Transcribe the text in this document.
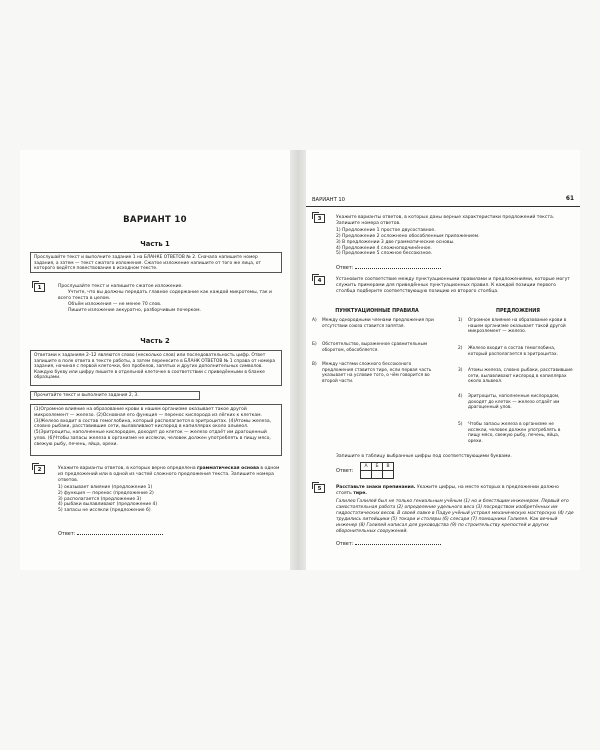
ВАРИАНТ 10
Часть 1
Прослушайте текст и выполните задание 1 на БЛАНКЕ ОТВЕТОВ № 2. Сначала напишите номер задания, а затем — текст сжатого изложения. Сжатое изложение напишите от того же лица, от которого ведётся повествование в исходном тексте.
1	Прослушайте текст и напишите сжатое изложение.

Учтите, что вы должны передать главное содержание как каждой микротемы, так и всего текста в целом.

Объём изложения — не менее 70 слов.

Пишите изложение аккуратно, разборчивым почерком.

Часть 2
Ответами к заданиям 2–12 являются слово (несколько слов) или последовательность цифр. Ответ запишите в поле ответа в тексте работы, а затем перенесите в БЛАНК ОТВЕТОВ № 1 справа от номера задания, начиная с первой клеточки, без пробелов, запятых и других дополнительных символов. Каждую букву или цифру пишите в отдельной клеточке в соответствии с приведёнными в бланке образцами.
Прочитайте текст и выполните задания 2, 3.
(1)Огромное влияние на образование крови в нашем организме оказывает такое другой микроэлемент — железо. (2)Основная его функция — перенос кислорода из лёгких к клеткам. (3)Железо входит в состав гемоглобина, который располагается в эритроцитах. (4)Атомы железа, словно рыбаки, расставившие сети, вылавливают кислород в капиллярах около альвеол. (5)Эритроциты, наполненные кислородом, доходят до клеток — железо отдаёт им драгоценный улов. (6)Чтобы запасы железа в организме не иссякли, человек должен употреблять в пищу мясо, свежую рыбу, печень, яйца, орехи.
2	Укажите варианты ответов, в которых верно определена грамматическая основа в одном из предложений или в одной из частей сложного предложения текста. Запишите номера ответов.

1) оказывает влияние (предложение 1)
2) функция — перенос (предложение 2)
3) располагается (предложение 3)
4) рыбаки вылавливают (предложение 4)
5) запасы не иссякли (предложение 6)
Ответ:
ВАРИАНТ 10	61
3	Укажите варианты ответов, в которых даны верные характеристики предложений текста. Запишите номера ответов.

1) Предложение 1 простое двусоставное.
2) Предложение 2 осложнено обособленным приложением.
3) В предложении 3 две грамматические основы.
4) Предложение 4 сложноподчинённое.
5) Предложение 5 сложное бессоюзное.
Ответ:
4	Установите соответствие между пунктуационными правилами и предложениями, которые могут служить примерами для приведённых пунктуационных правил. К каждой позиции первого столбца подберите соответствующую позицию из второго столбца.
ПУНКТУАЦИОННЫЕ ПРАВИЛА	ПРЕДЛОЖЕНИЯ
А) Между однородными членами предложения при отсутствии союза ставится запятая.
Б) Обстоятельство, выраженное сравнительным оборотом, обособляется.
В) Между частями сложного бессоюзного предложения ставится тире, если первая часть указывает на условие того, о чём говорится во второй части.
1) Огромное влияние на образование крови в нашем организме оказывает такой другой микроэлемент — железо.
2) Железо входит в состав гемоглобина, который располагается в эритроцитах.
3) Атомы железа, словно рыбаки, расставившие сети, вылавливают кислород в капиллярах около альвеол.
4) Эритроциты, наполненные кислородом, доходят до клеток — железо отдаёт им драгоценный улов.
5) Чтобы запасы железа в организме не иссякли, человек должен употреблять в пищу мясо, свежую рыбу, печень, яйца, орехи.
Запишите в таблицу выбранные цифры под соответствующими буквами.
Ответ:
А	Б	В

5	Расставьте знаки препинания. Укажите цифры, на месте которых в предложении должно стоять тире.

Галилео Галилей был не только гениальным учёным (1) но и блестящим инженером. Первый его самостоятельная работа (2) определение удельного веса (3) посредством изобретённых им гидростатических весов. В своей лавке в Падуе учёный устроил механическую мастерскую (4) где трудились литейщики (5) токари и столяры (6) слесари (7) помощники Галилея. Как вечный инженер (8) Галилей написал для руководства (9) по строительству крепостей и других оборонительных сооружений.
Ответ:
